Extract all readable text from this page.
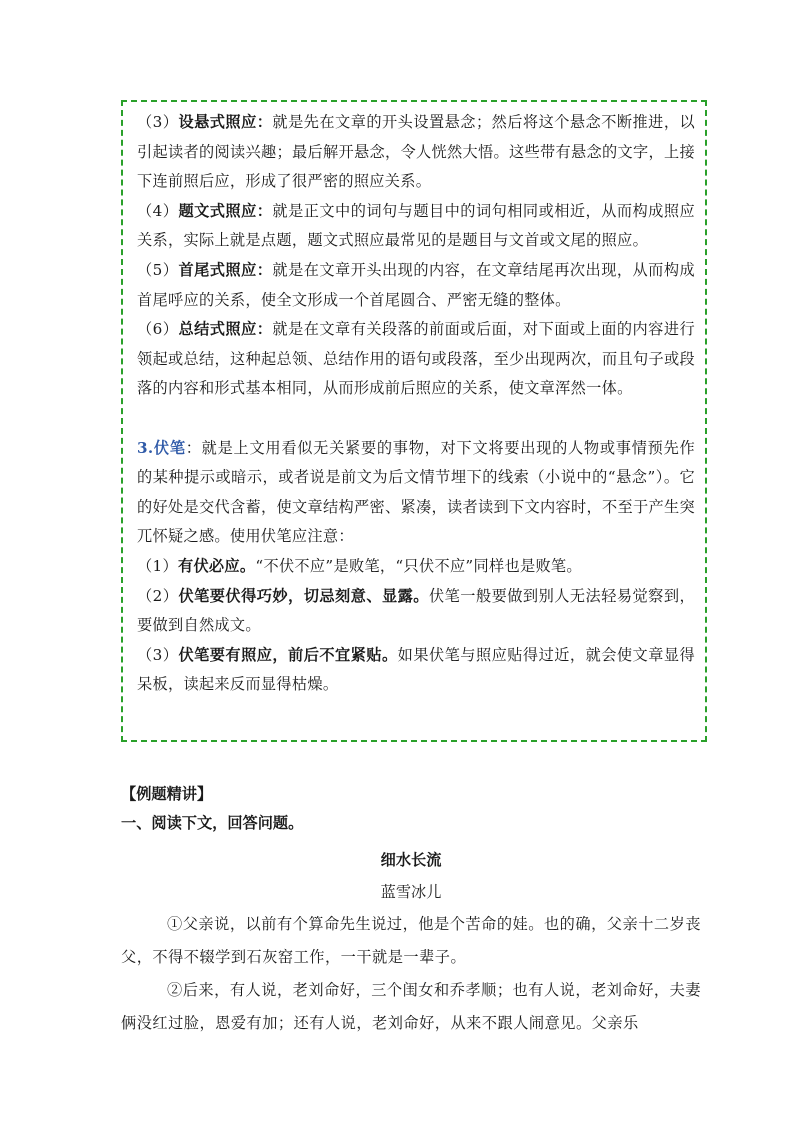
（3）设悬式照应：就是先在文章的开头设置悬念；然后将这个悬念不断推进，以引起读者的阅读兴趣；最后解开悬念，令人恍然大悟。这些带有悬念的文字，上接下连前照后应，形成了很严密的照应关系。

（4）题文式照应：就是正文中的词句与题目中的词句相同或相近，从而构成照应关系，实际上就是点题，题文式照应最常见的是题目与文首或文尾的照应。

（5）首尾式照应：就是在文章开头出现的内容，在文章结尾再次出现，从而构成首尾呼应的关系，使全文形成一个首尾圆合、严密无缝的整体。

（6）总结式照应：就是在文章有关段落的前面或后面，对下面或上面的内容进行领起或总结，这种起总领、总结作用的语句或段落，至少出现两次，而且句子或段落的内容和形式基本相同，从而形成前后照应的关系，使文章浑然一体。

3.伏笔：就是上文用看似无关紧要的事物，对下文将要出现的人物或事情预先作的某种提示或暗示，或者说是前文为后文情节埋下的线索（小说中的“悬念”）。它的好处是交代含蓄，使文章结构严密、紧凑，读者读到下文内容时，不至于产生突兀怀疑之感。使用伏笔应注意：

（1）有伏必应。“不伏不应”是败笔，“只伏不应”同样也是败笔。

（2）伏笔要伏得巧妙，切忌刻意、显露。伏笔一般要做到别人无法轻易觉察到，要做到自然成文。

（3）伏笔要有照应，前后不宜紧贴。如果伏笔与照应贴得过近，就会使文章显得呆板，读起来反而显得枯燥。

【例题精讲】

一、阅读下文，回答问题。

细水长流

蓝雪冰儿

①父亲说，以前有个算命先生说过，他是个苦命的娃。也的确，父亲十二岁丧父，不得不辍学到石灰窑工作，一干就是一辈子。

②后来，有人说，老刘命好，三个闺女和乔孝顺；也有人说，老刘命好，夫妻俩没红过脸，恩爱有加；还有人说，老刘命好，从来不跟人闹意见。父亲乐
